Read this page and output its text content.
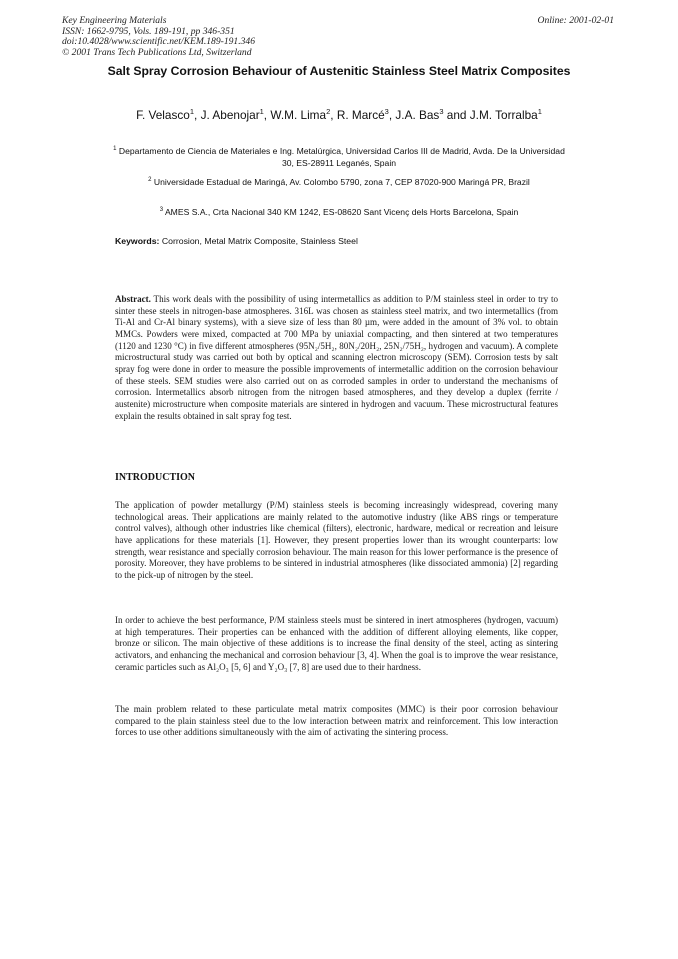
Key Engineering Materials
ISSN: 1662-9795, Vols. 189-191, pp 346-351
doi:10.4028/www.scientific.net/KEM.189-191.346
© 2001 Trans Tech Publications Ltd, Switzerland
Online: 2001-02-01
Salt Spray Corrosion Behaviour of Austenitic Stainless Steel Matrix Composites
F. Velasco$^1$, J. Abenojar$^1$, W.M. Lima$^2$, R. Marcé$^3$, J.A. Bas$^3$ and J.M. Torralba$^1$
$^1$ Departamento de Ciencia de Materiales e Ing. Metalúrgica, Universidad Carlos III de Madrid, Avda. De la Universidad 30, ES-28911 Leganés, Spain
$^2$ Universidade Estadual de Maringá, Av. Colombo 5790, zona 7, CEP 87020-900 Maringá PR, Brazil
$^3$ AMES S.A., Crta Nacional 340 KM 1242, ES-08620 Sant Vicenç dels Horts Barcelona, Spain
Keywords: Corrosion, Metal Matrix Composite, Stainless Steel
Abstract. This work deals with the possibility of using intermetallics as addition to P/M stainless steel in order to try to sinter these steels in nitrogen-base atmospheres. 316L was chosen as stainless steel matrix, and two intermetallics (from Ti-Al and Cr-Al binary systems), with a sieve size of less than 80 µm, were added in the amount of 3% vol. to obtain MMCs. Powders were mixed, compacted at 700 MPa by uniaxial compacting, and then sintered at two temperatures (1120 and 1230 °C) in five different atmospheres (95N₂/5H₂, 80N₂/20H₂, 25N₂/75H₂, hydrogen and vacuum). A complete microstructural study was carried out both by optical and scanning electron microscopy (SEM). Corrosion tests by salt spray fog were done in order to measure the possible improvements of intermetallic addition on the corrosion behaviour of these steels. SEM studies were also carried out on as corroded samples in order to understand the mechanisms of corrosion. Intermetallics absorb nitrogen from the nitrogen based atmospheres, and they develop a duplex (ferrite / austenite) microstructure when composite materials are sintered in hydrogen and vacuum. These microstructural features explain the results obtained in salt spray fog test.
INTRODUCTION
The application of powder metallurgy (P/M) stainless steels is becoming increasingly widespread, covering many technological areas. Their applications are mainly related to the automotive industry (like ABS rings or temperature control valves), although other industries like chemical (filters), electronic, hardware, medical or recreation and leisure have applications for these materials [1]. However, they present properties lower than its wrought counterparts: low strength, wear resistance and specially corrosion behaviour. The main reason for this lower performance is the presence of porosity. Moreover, they have problems to be sintered in industrial atmospheres (like dissociated ammonia) [2] regarding to the pick-up of nitrogen by the steel.
In order to achieve the best performance, P/M stainless steels must be sintered in inert atmospheres (hydrogen, vacuum) at high temperatures. Their properties can be enhanced with the addition of different alloying elements, like copper, bronze or silicon. The main objective of these additions is to increase the final density of the steel, acting as sintering activators, and enhancing the mechanical and corrosion behaviour [3, 4]. When the goal is to improve the wear resistance, ceramic particles such as Al₂O₃ [5, 6] and Y₂O₃ [7, 8] are used due to their hardness.
The main problem related to these particulate metal matrix composites (MMC) is their poor corrosion behaviour compared to the plain stainless steel due to the low interaction between matrix and reinforcement. This low interaction forces to use other additions simultaneously with the aim of activating the sintering process.
